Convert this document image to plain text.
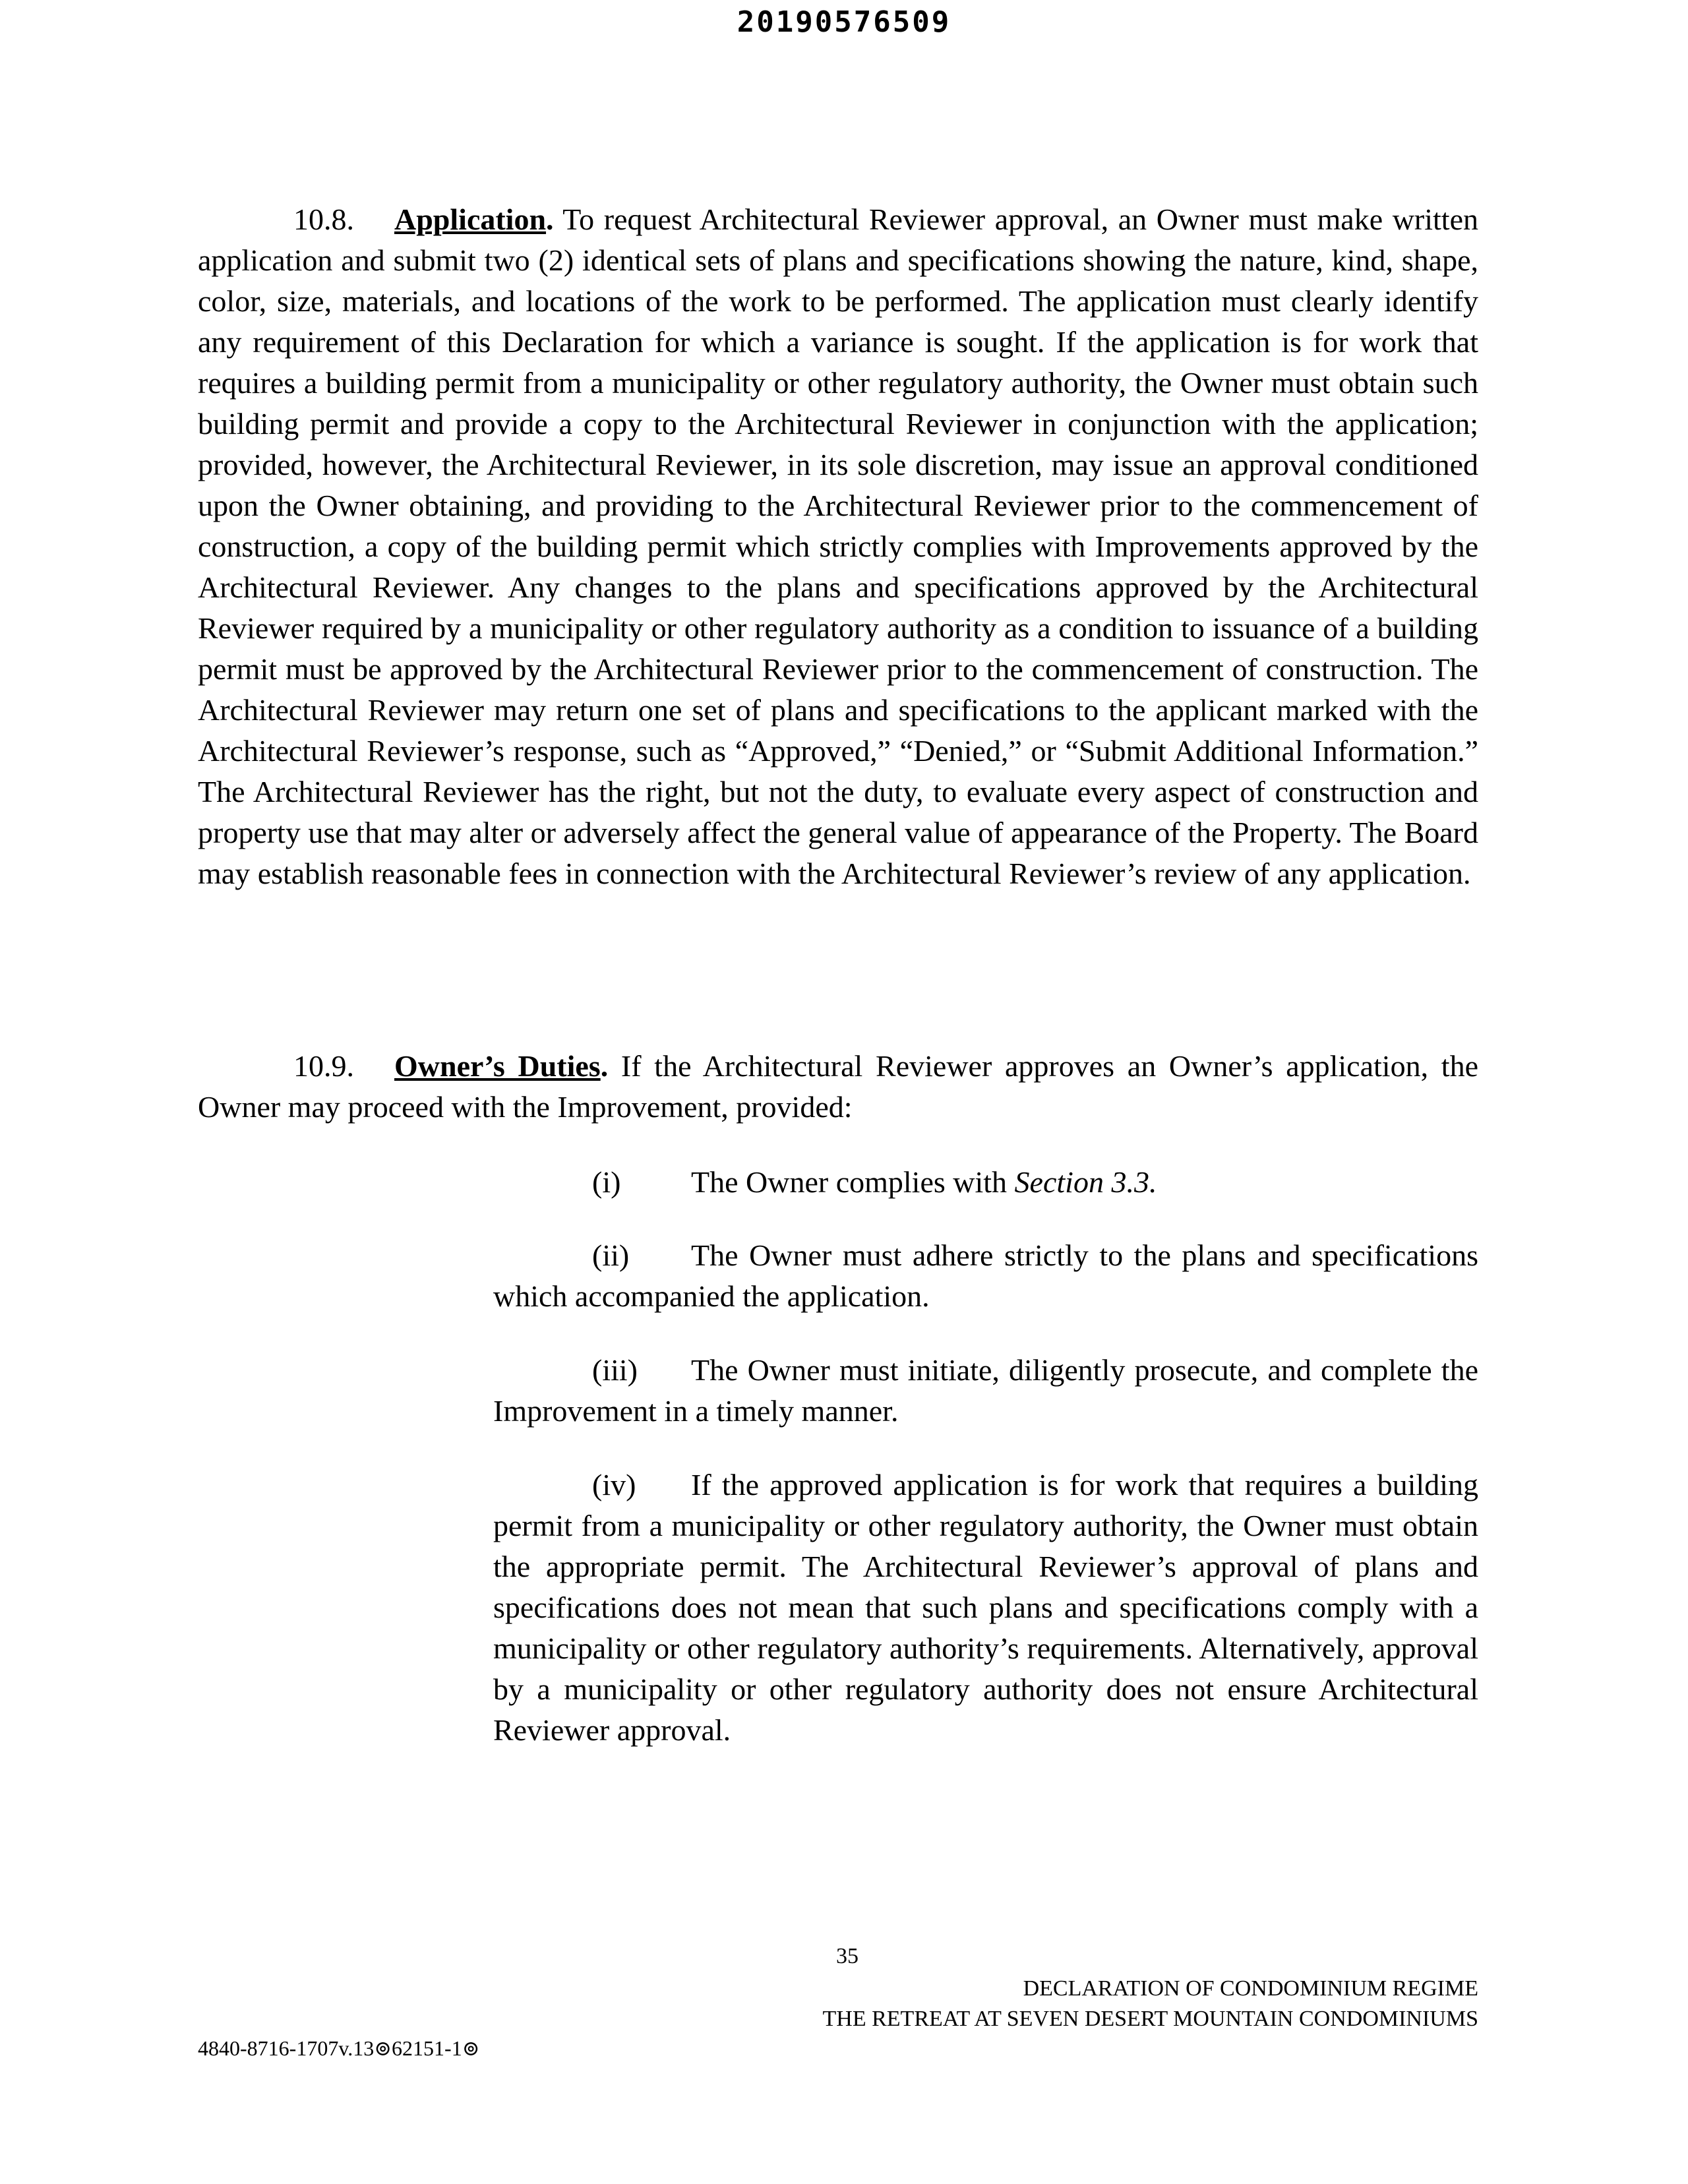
20190576509
10.8. Application. To request Architectural Reviewer approval, an Owner must make written application and submit two (2) identical sets of plans and specifications showing the nature, kind, shape, color, size, materials, and locations of the work to be performed. The application must clearly identify any requirement of this Declaration for which a variance is sought. If the application is for work that requires a building permit from a municipality or other regulatory authority, the Owner must obtain such building permit and provide a copy to the Architectural Reviewer in conjunction with the application; provided, however, the Architectural Reviewer, in its sole discretion, may issue an approval conditioned upon the Owner obtaining, and providing to the Architectural Reviewer prior to the commencement of construction, a copy of the building permit which strictly complies with Improvements approved by the Architectural Reviewer. Any changes to the plans and specifications approved by the Architectural Reviewer required by a municipality or other regulatory authority as a condition to issuance of a building permit must be approved by the Architectural Reviewer prior to the commencement of construction. The Architectural Reviewer may return one set of plans and specifications to the applicant marked with the Architectural Reviewer’s response, such as “Approved,” “Denied,” or “Submit Additional Information.” The Architectural Reviewer has the right, but not the duty, to evaluate every aspect of construction and property use that may alter or adversely affect the general value of appearance of the Property. The Board may establish reasonable fees in connection with the Architectural Reviewer’s review of any application.
10.9. Owner’s Duties. If the Architectural Reviewer approves an Owner’s application, the Owner may proceed with the Improvement, provided:
(i) The Owner complies with Section 3.3.
(ii) The Owner must adhere strictly to the plans and specifications which accompanied the application.
(iii) The Owner must initiate, diligently prosecute, and complete the Improvement in a timely manner.
(iv) If the approved application is for work that requires a building permit from a municipality or other regulatory authority, the Owner must obtain the appropriate permit. The Architectural Reviewer’s approval of plans and specifications does not mean that such plans and specifications comply with a municipality or other regulatory authority’s requirements. Alternatively, approval by a municipality or other regulatory authority does not ensure Architectural Reviewer approval.
35
DECLARATION OF CONDOMINIUM REGIME
THE RETREAT AT SEVEN DESERT MOUNTAIN CONDOMINIUMS
4840-8716-1707v.13⊚62151-1⊚
